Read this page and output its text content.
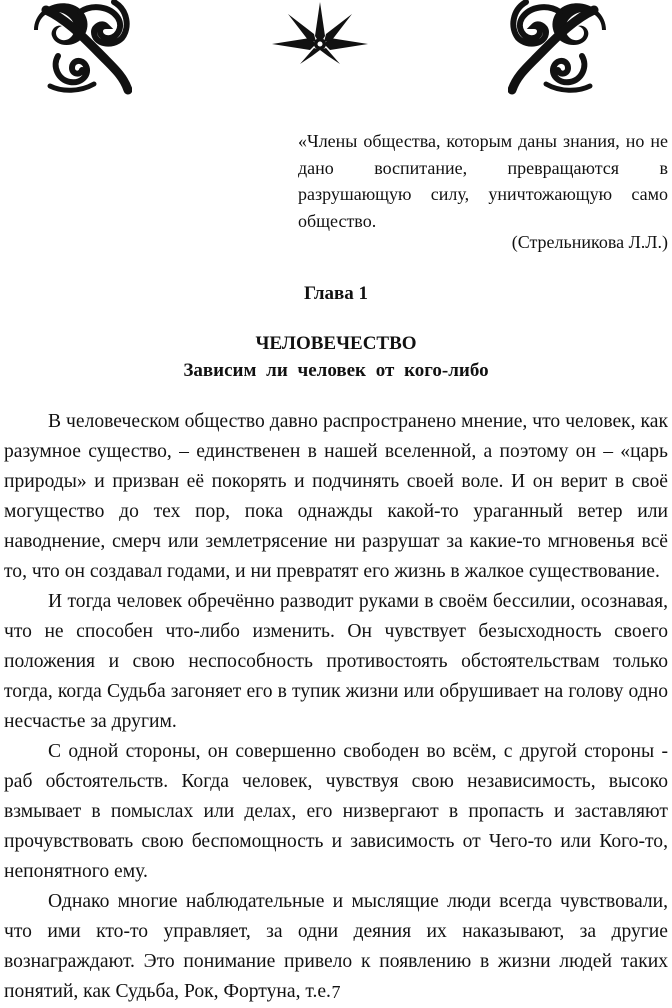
«Члены общества, которым даны знания, но не дано воспитание, превращаются в разрушающую силу, уничтожающую само общество.
(Стрельникова Л.Л.)
Глава 1
ЧЕЛОВЕЧЕСТВО
Зависим ли человек от кого-либо

В человеческом общество давно распространено мнение, что человек, как разумное существо, – единственен в нашей вселенной, а поэтому он – «царь природы» и призван её покорять и подчинять своей воле. И он верит в своё могущество до тех пор, пока однажды какой-то ураганный ветер или наводнение, смерч или землетрясение ни разрушат за какие-то мгновенья всё то, что он создавал годами, и ни превратят его жизнь в жалкое существование.

И тогда человек обречённо разводит руками в своём бессилии, осознавая, что не способен что-либо изменить. Он чувствует безысходность своего положения и свою неспособность противостоять обстоятельствам только тогда, когда Судьба загоняет его в тупик жизни или обрушивает на голову одно несчастье за другим.

С одной стороны, он совершенно свободен во всём, с другой стороны - раб обстоятельств. Когда человек, чувствуя свою независимость, высоко взмывает в помыслах или делах, его низвергают в пропасть и заставляют прочувствовать свою беспомощность и зависимость от Чего-то или Кого-то, непонятного ему.

Однако многие наблюдательные и мыслящие люди всегда чувствовали, что ими кто-то управляет, за одни деяния их наказывают, за другие вознаграждают. Это понимание привело к появлению в жизни людей таких понятий, как Судьба, Рок, Фортуна, т.е. 7
